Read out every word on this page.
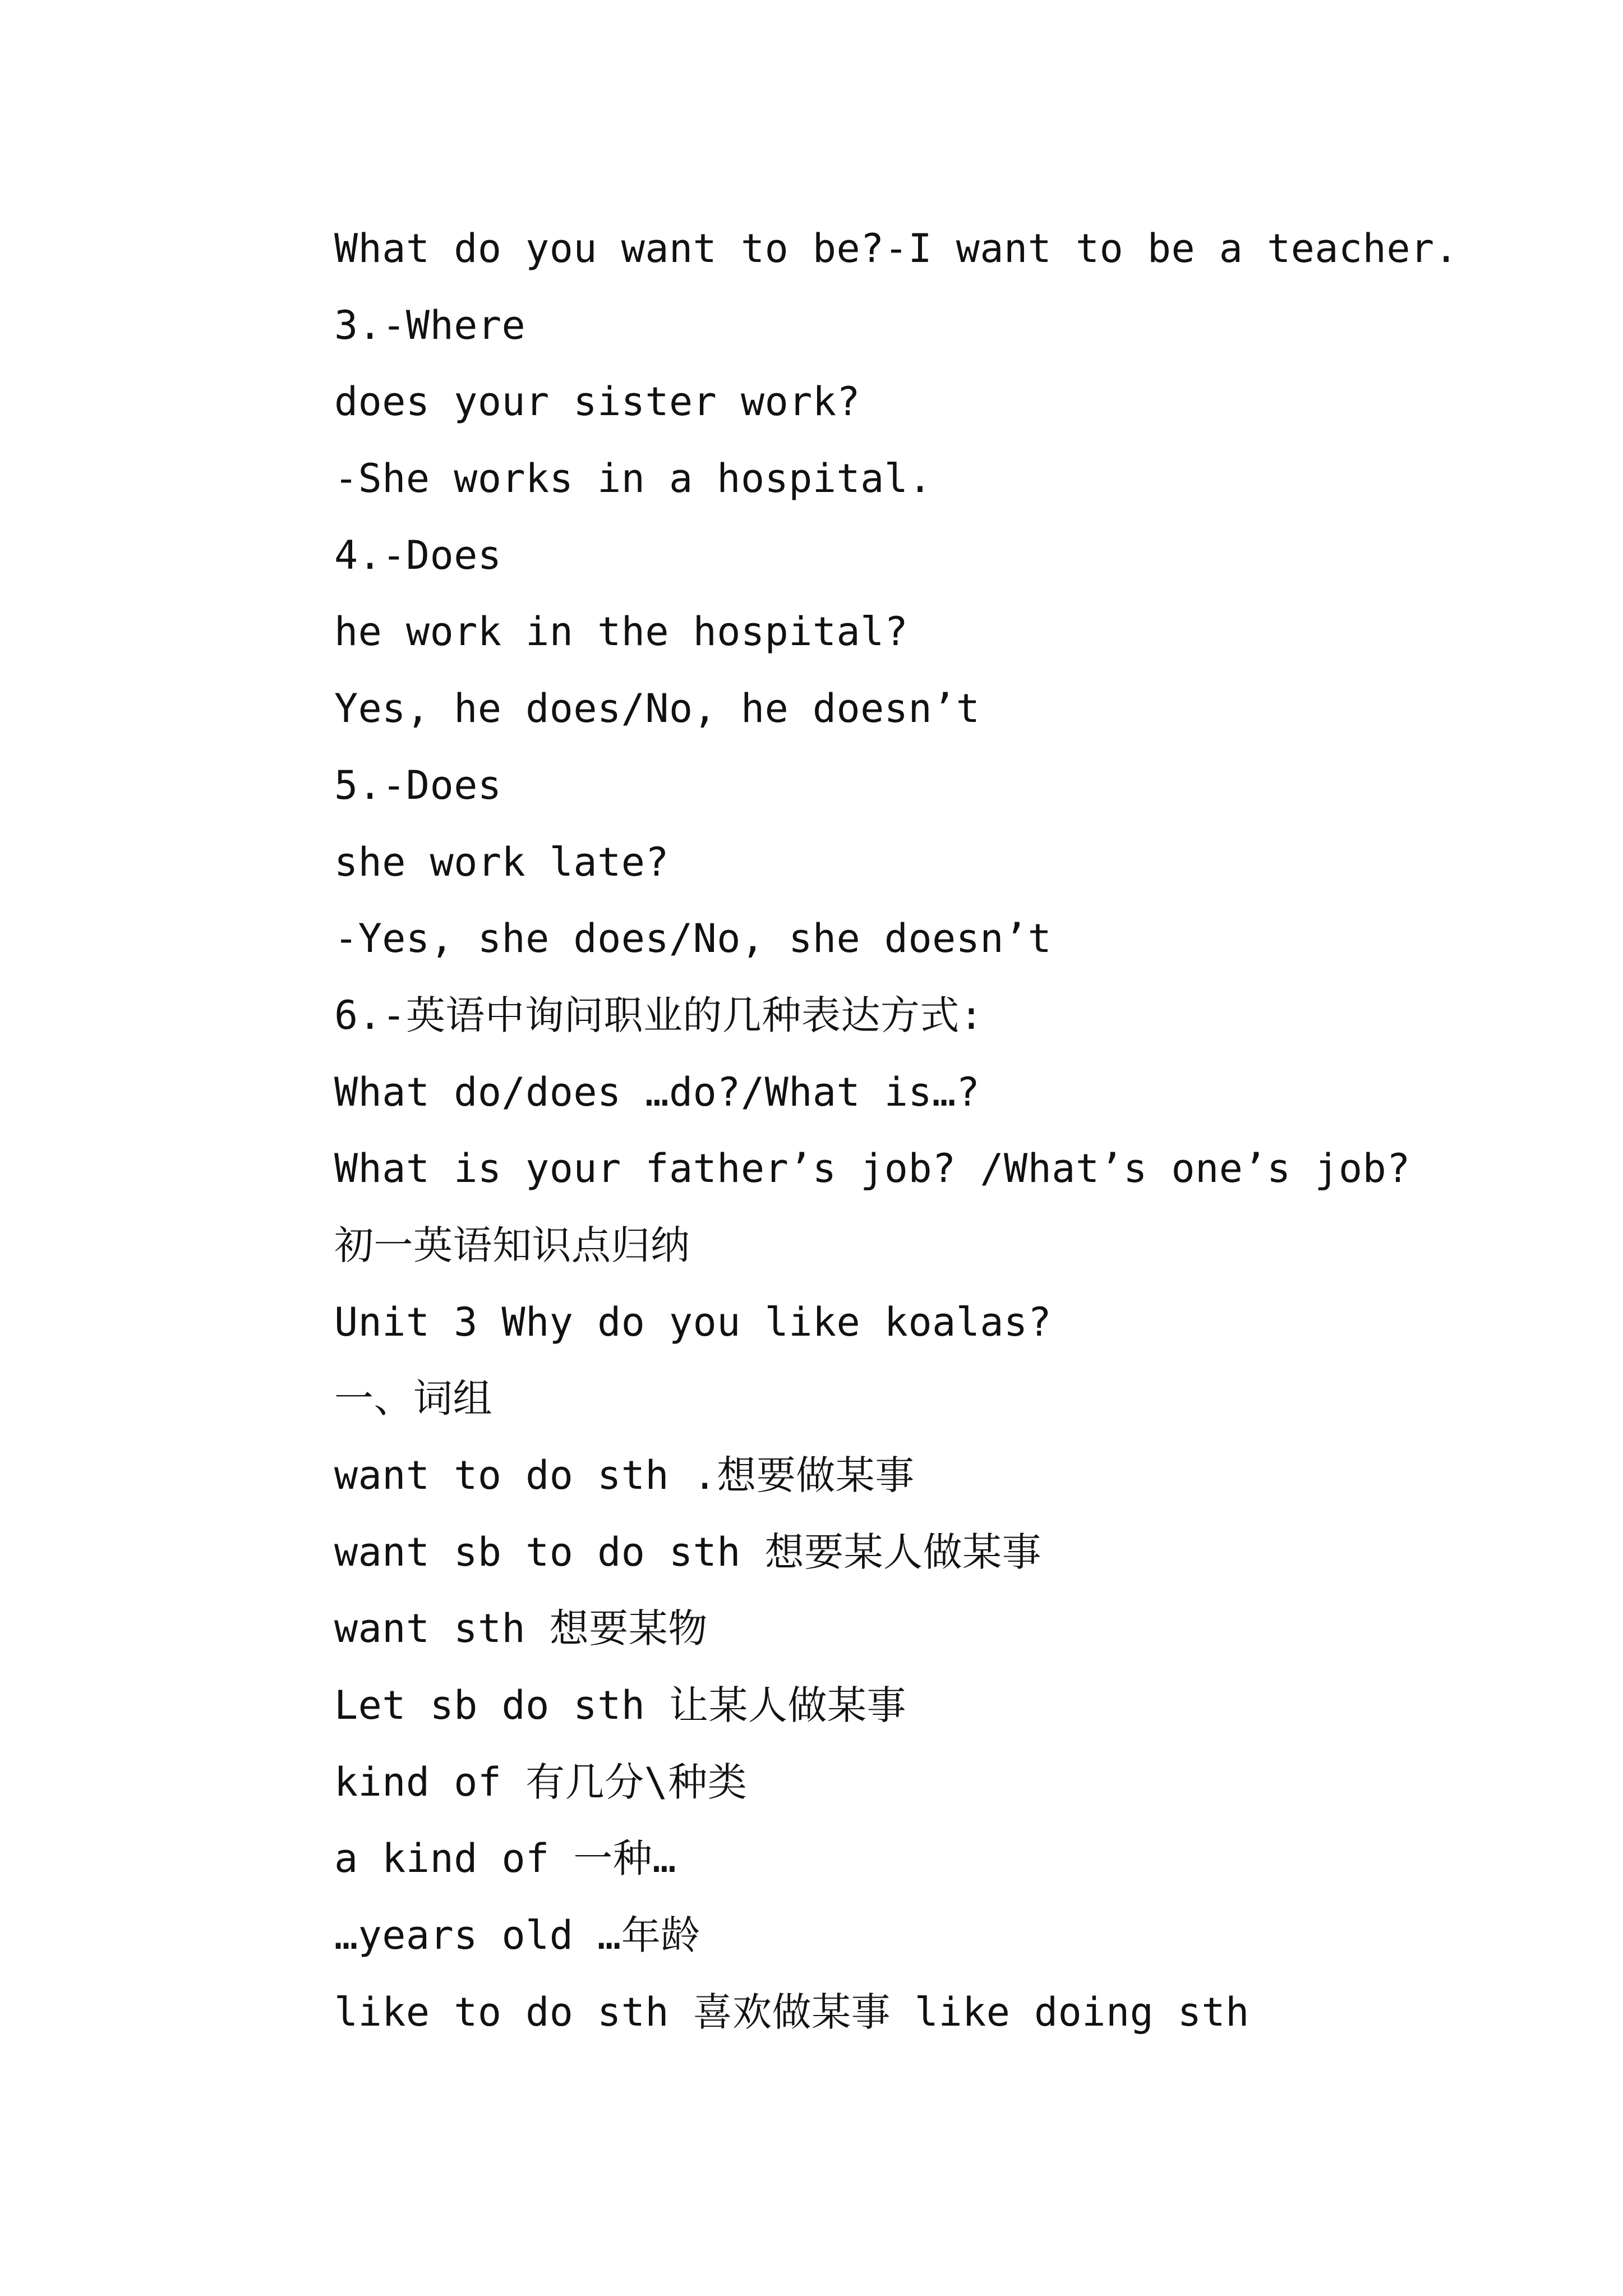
What do you want to be?-I want to be a teacher.
3.-Where
does your sister work?
-She works in a hospital.
4.-Does
he work in the hospital?
Yes, he does/No, he doesn’t
5.-Does
she work late?
-Yes, she does/No, she doesn’t
6.-英语中询问职业的几种表达方式:
What do/does …do?/What is…?
What is your father’s job? /What’s one’s job?
初一英语知识点归纳
Unit 3 Why do you like koalas?
一、词组
want to do sth .想要做某事
want sb to do sth 想要某人做某事
want sth 想要某物
Let sb do sth 让某人做某事
kind of 有几分\种类
a kind of 一种…
…years old …年龄
like to do sth 喜欢做某事 like doing sth
